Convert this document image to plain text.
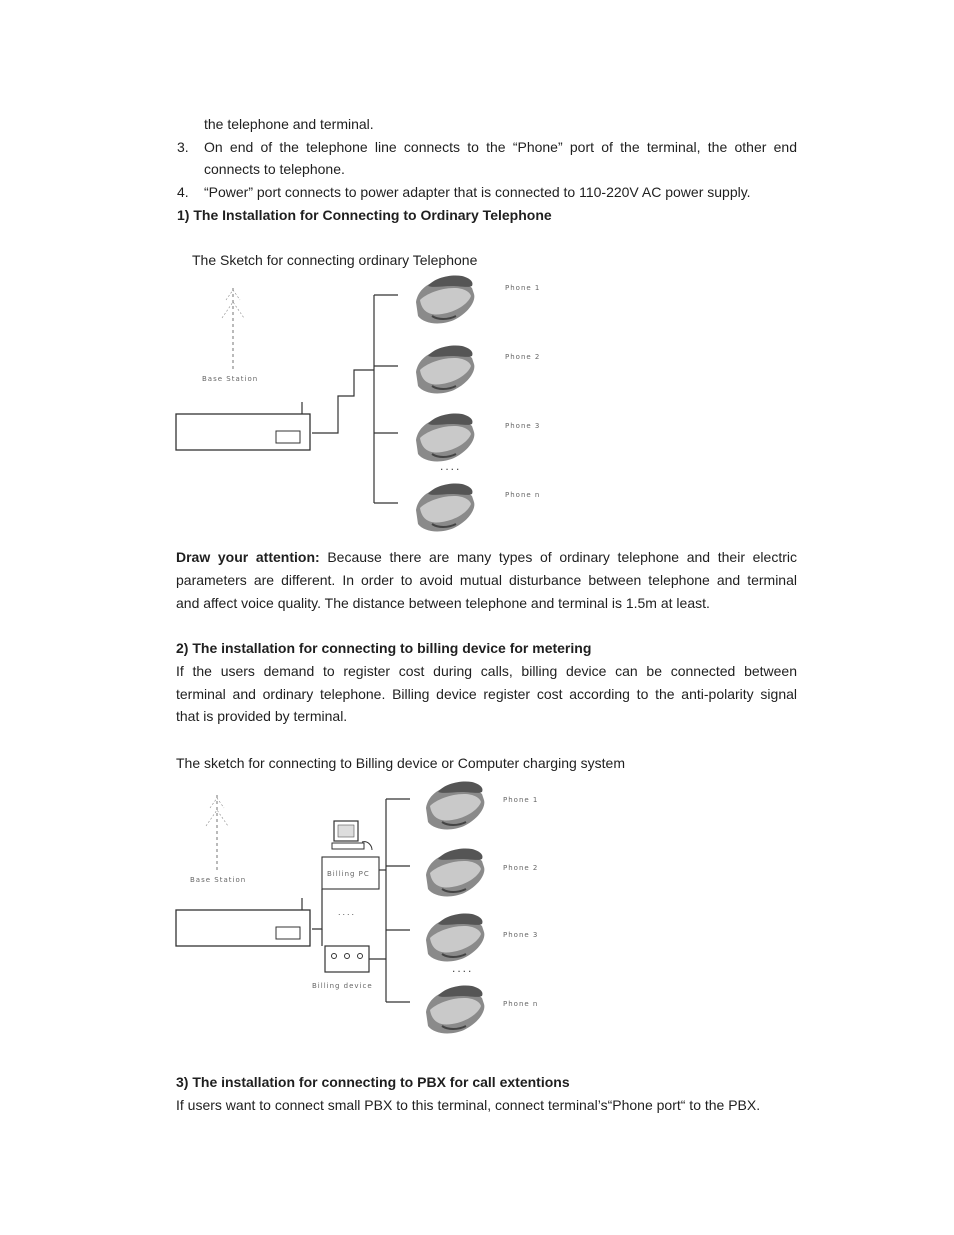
the telephone and terminal.
3. On end of the telephone line connects to the “Phone” port of the terminal, the other end
connects to telephone.
4. “Power” port connects to power adapter that is connected to 110-220V AC power supply.
1) The Installation for Connecting to Ordinary Telephone
The Sketch for connecting ordinary Telephone
Draw your attention: Because there are many types of ordinary telephone and their electric
parameters are different. In order to avoid mutual disturbance between telephone and terminal
and affect voice quality. The distance between telephone and terminal is 1.5m at least.
2) The installation for connecting to billing device for metering
If the users demand to register cost during calls, billing device can be connected between
terminal and ordinary telephone. Billing device register cost according to the anti-polarity signal
that is provided by terminal.
The sketch for connecting to Billing device or Computer charging system
3) The installation for connecting to PBX for call extentions
If users want to connect small PBX to this terminal, connect terminal’s“Phone port“ to the PBX.
Base Station
Phone 1
Phone 2
Phone 3
Phone n
....
Base Station
Billing PC
....
Billing device
Phone 1
Phone 2
Phone 3
Phone n
....
